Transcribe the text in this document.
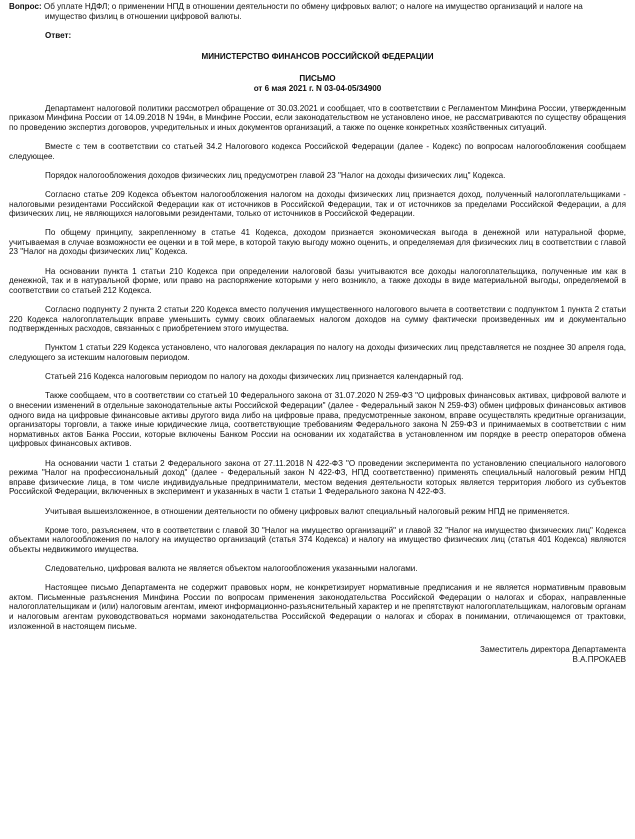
Вопрос: Об уплате НДФЛ; о применении НПД в отношении деятельности по обмену цифровых валют; о налоге на имущество организаций и налоге на имущество физлиц в отношении цифровой валюты.

Ответ:

МИНИСТЕРСТВО ФИНАНСОВ РОССИЙСКОЙ ФЕДЕРАЦИИ

ПИСЬМО

от 6 мая 2021 г. N 03-04-05/34900

Департамент налоговой политики рассмотрел обращение от 30.03.2021 и сообщает, что в соответствии с Регламентом Минфина России, утвержденным приказом Минфина России от 14.09.2018 N 194н, в Минфине России, если законодательством не установлено иное, не рассматриваются по существу обращения по проведению экспертиз договоров, учредительных и иных документов организаций, а также по оценке конкретных хозяйственных ситуаций.

Вместе с тем в соответствии со статьей 34.2 Налогового кодекса Российской Федерации (далее - Кодекс) по вопросам налогообложения сообщаем следующее.

Порядок налогообложения доходов физических лиц предусмотрен главой 23 "Налог на доходы физических лиц" Кодекса.

Согласно статье 209 Кодекса объектом налогообложения налогом на доходы физических лиц признается доход, полученный налогоплательщиками - налоговыми резидентами Российской Федерации как от источников в Российской Федерации, так и от источников за пределами Российской Федерации, а для физических лиц, не являющихся налоговыми резидентами, только от источников в Российской Федерации.

По общему принципу, закрепленному в статье 41 Кодекса, доходом признается экономическая выгода в денежной или натуральной форме, учитываемая в случае возможности ее оценки и в той мере, в которой такую выгоду можно оценить, и определяемая для физических лиц в соответствии с главой 23 "Налог на доходы физических лиц" Кодекса.

На основании пункта 1 статьи 210 Кодекса при определении налоговой базы учитываются все доходы налогоплательщика, полученные им как в денежной, так и в натуральной форме, или право на распоряжение которыми у него возникло, а также доходы в виде материальной выгоды, определяемой в соответствии со статьей 212 Кодекса.

Согласно подпункту 2 пункта 2 статьи 220 Кодекса вместо получения имущественного налогового вычета в соответствии с подпунктом 1 пункта 2 статьи 220 Кодекса налогоплательщик вправе уменьшить сумму своих облагаемых налогом доходов на сумму фактически произведенных им и документально подтвержденных расходов, связанных с приобретением этого имущества.

Пунктом 1 статьи 229 Кодекса установлено, что налоговая декларация по налогу на доходы физических лиц представляется не позднее 30 апреля года, следующего за истекшим налоговым периодом.

Статьей 216 Кодекса налоговым периодом по налогу на доходы физических лиц признается календарный год.

Также сообщаем, что в соответствии со статьей 10 Федерального закона от 31.07.2020 N 259-ФЗ "О цифровых финансовых активах, цифровой валюте и о внесении изменений в отдельные законодательные акты Российской Федерации" (далее - Федеральный закон N 259-ФЗ) обмен цифровых финансовых активов одного вида на цифровые финансовые активы другого вида либо на цифровые права, предусмотренные законом, вправе осуществлять кредитные организации, организаторы торговли, а также иные юридические лица, соответствующие требованиям Федерального закона N 259-ФЗ и принимаемых в соответствии с ним нормативных актов Банка России, которые включены Банком России на основании их ходатайства в установленном им порядке в реестр операторов обмена цифровых финансовых активов.

На основании части 1 статьи 2 Федерального закона от 27.11.2018 N 422-ФЗ "О проведении эксперимента по установлению специального налогового режима "Налог на профессиональный доход" (далее - Федеральный закон N 422-ФЗ, НПД соответственно) применять специальный налоговый режим НПД вправе физические лица, в том числе индивидуальные предприниматели, местом ведения деятельности которых является территория любого из субъектов Российской Федерации, включенных в эксперимент и указанных в части 1 статьи 1 Федерального закона N 422-ФЗ.

Учитывая вышеизложенное, в отношении деятельности по обмену цифровых валют специальный налоговый режим НПД не применяется.

Кроме того, разъясняем, что в соответствии с главой 30 "Налог на имущество организаций" и главой 32 "Налог на имущество физических лиц" Кодекса объектами налогообложения по налогу на имущество организаций (статья 374 Кодекса) и налогу на имущество физических лиц (статья 401 Кодекса) являются объекты недвижимого имущества.

Следовательно, цифровая валюта не является объектом налогообложения указанными налогами.

Настоящее письмо Департамента не содержит правовых норм, не конкретизирует нормативные предписания и не является нормативным правовым актом. Письменные разъяснения Минфина России по вопросам применения законодательства Российской Федерации о налогах и сборах, направленные налогоплательщикам и (или) налоговым агентам, имеют информационно-разъяснительный характер и не препятствуют налогоплательщикам, налоговым органам и налоговым агентам руководствоваться нормами законодательства Российской Федерации о налогах и сборах в понимании, отличающемся от трактовки, изложенной в настоящем письме.

Заместитель директора Департамента
В.А.ПРОКАЕВ
